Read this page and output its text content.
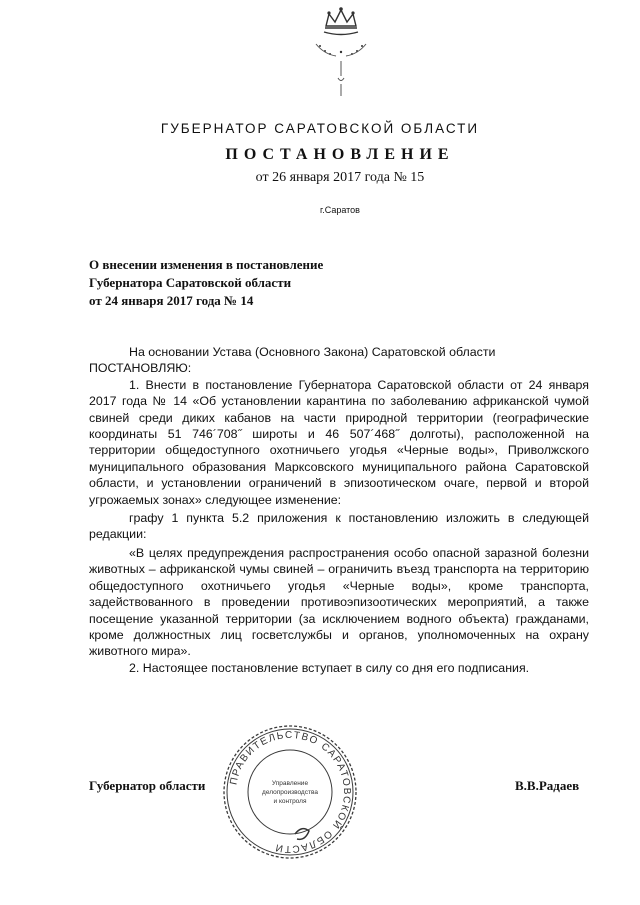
ГУБЕРНАТОР САРАТОВСКОЙ ОБЛАСТИ
ПОСТАНОВЛЕНИЕ
от 26 января 2017 года № 15
г.Саратов
О внесении изменения в постановление
Губернатора Саратовской области
от 24 января 2017 года № 14

На основании Устава (Основного Закона) Саратовской области

ПОСТАНОВЛЯЮ:

1. Внести в постановление Губернатора Саратовской области от 24 января 2017 года № 14 «Об установлении карантина по заболеванию африканской чумой свиней среди диких кабанов на части природной территории (географические координаты 51 746´708˝ широты и 46 507´468˝ долготы), расположенной на территории общедоступного охотничьего угодья «Черные воды», Приволжского муниципального образования Марксовского муниципального района Саратовской области, и установлении ограничений в эпизоотическом очаге, первой и второй угрожаемых зонах» следующее изменение:

графу 1 пункта 5.2 приложения к постановлению изложить в следующей редакции:

«В целях предупреждения распространения особо опасной заразной болезни животных – африканской чумы свиней – ограничить въезд транспорта на территорию общедоступного охотничьего угодья «Черные воды», кроме транспорта, задействованного в проведении противоэпизоотических мероприятий, а также посещение указанной территории (за исключением водного объекта) гражданами, кроме должностных лиц госветслужбы и органов, уполномоченных на охрану животного мира».

2. Настоящее постановление вступает в силу со дня его подписания.

ПРАВИТЕЛЬСТВО САРАТОВСКОЙ ОБЛАСТИ
Управление
делопроизводства
и контроля
Губернатор области	В.В.Радаев
